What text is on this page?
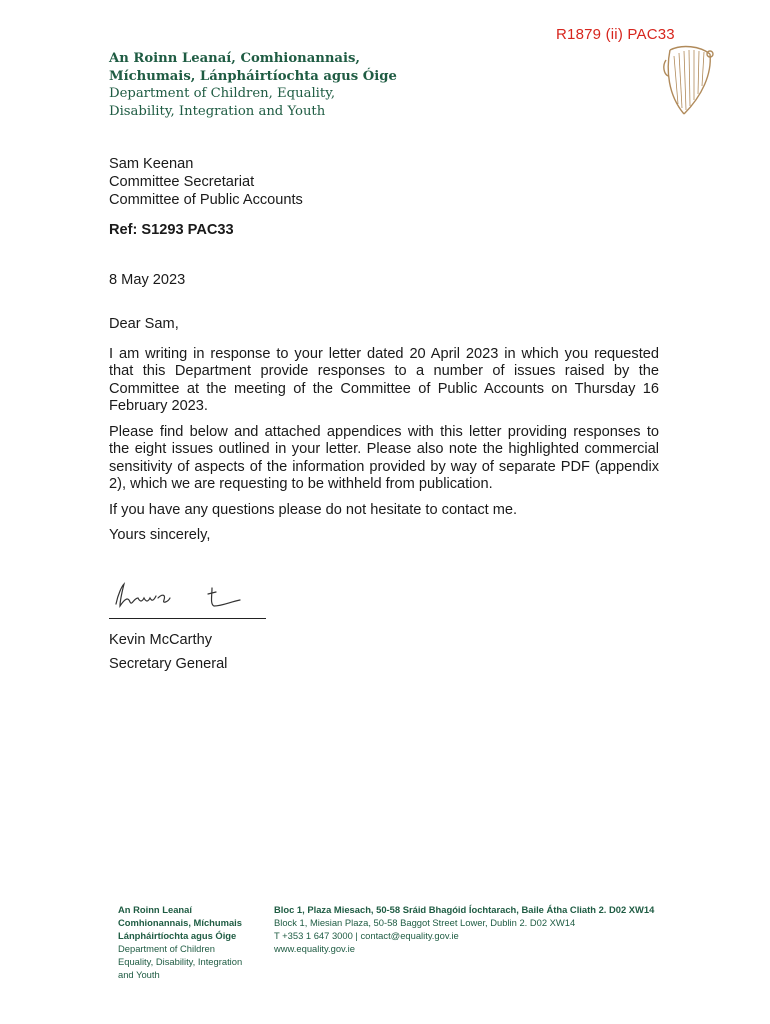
R1879 (ii) PAC33
An Roinn Leanaí, Comhionannais,
Míchumais, Lánpháirtíochta agus Óige
Department of Children, Equality,
Disability, Integration and Youth
Sam Keenan
Committee Secretariat
Committee of Public Accounts
Ref: S1293 PAC33
8 May 2023

Dear Sam,

I am writing in response to your letter dated 20 April 2023 in which you requested that this Department provide responses to a number of issues raised by the Committee at the meeting of the Committee of Public Accounts on Thursday 16 February 2023.

Please find below and attached appendices with this letter providing responses to the eight issues outlined in your letter. Please also note the highlighted commercial sensitivity of aspects of the information provided by way of separate PDF (appendix 2), which we are requesting to be withheld from publication.

If you have any questions please do not hesitate to contact me.

Yours sincerely,

Kevin McCarthy
Secretary General
An Roinn Leanaí
Comhionannais, Míchumais
Lánpháirtíochta agus Óige
Department of Children
Equality, Disability, Integration
and Youth
Bloc 1, Plaza Miesach, 50-58 Sráid Bhagóid Íochtarach, Baile Átha Cliath 2. D02 XW14
Block 1, Miesian Plaza, 50-58 Baggot Street Lower, Dublin 2. D02 XW14
T +353 1 647 3000 | contact@equality.gov.ie
www.equality.gov.ie
